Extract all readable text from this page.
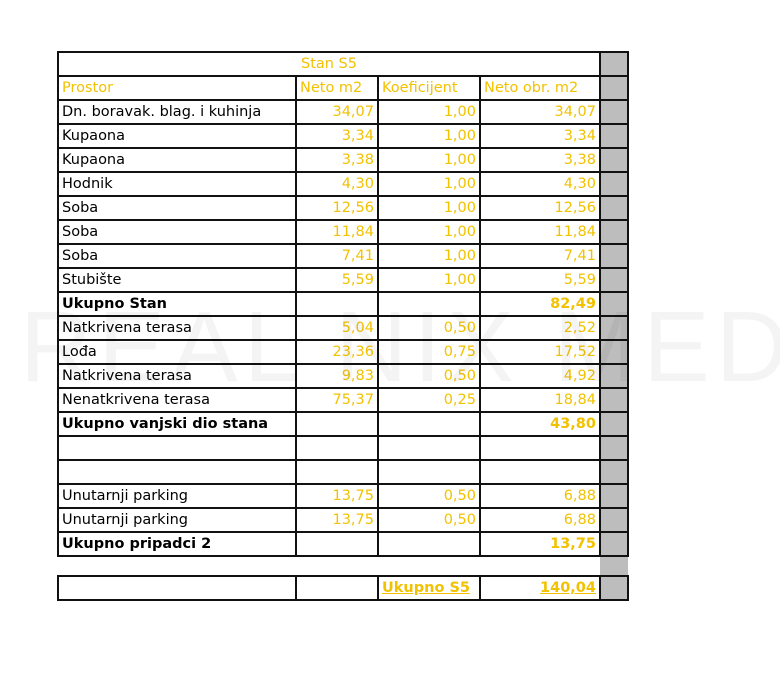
Stan S5				
Prostor	Neto m2	Koeficijent	Neto obr. m2	
Dn. boravak. blag. i kuhinja	34,07	1,00	34,07	
Kupaona	3,34	1,00	3,34	
Kupaona	3,38	1,00	3,38	
Hodnik	4,30	1,00	4,30	
Soba	12,56	1,00	12,56	
Soba	11,84	1,00	11,84	
Soba	7,41	1,00	7,41	
Stubište	5,59	1,00	5,59	
Ukupno Stan			82,49	
Natkrivena terasa	5,04	0,50	2,52	
Lođa	23,36	0,75	17,52	
Natkrivena terasa	9,83	0,50	4,92	
Nenatkrivena terasa	75,37	0,25	18,84	
Ukupno vanjski dio stana			43,80	

Unutarnji parking	13,75	0,50	6,88	
Unutarnji parking	13,75	0,50	6,88	
Ukupno pripadci 2			13,75	

		Ukupno S5	140,04	
